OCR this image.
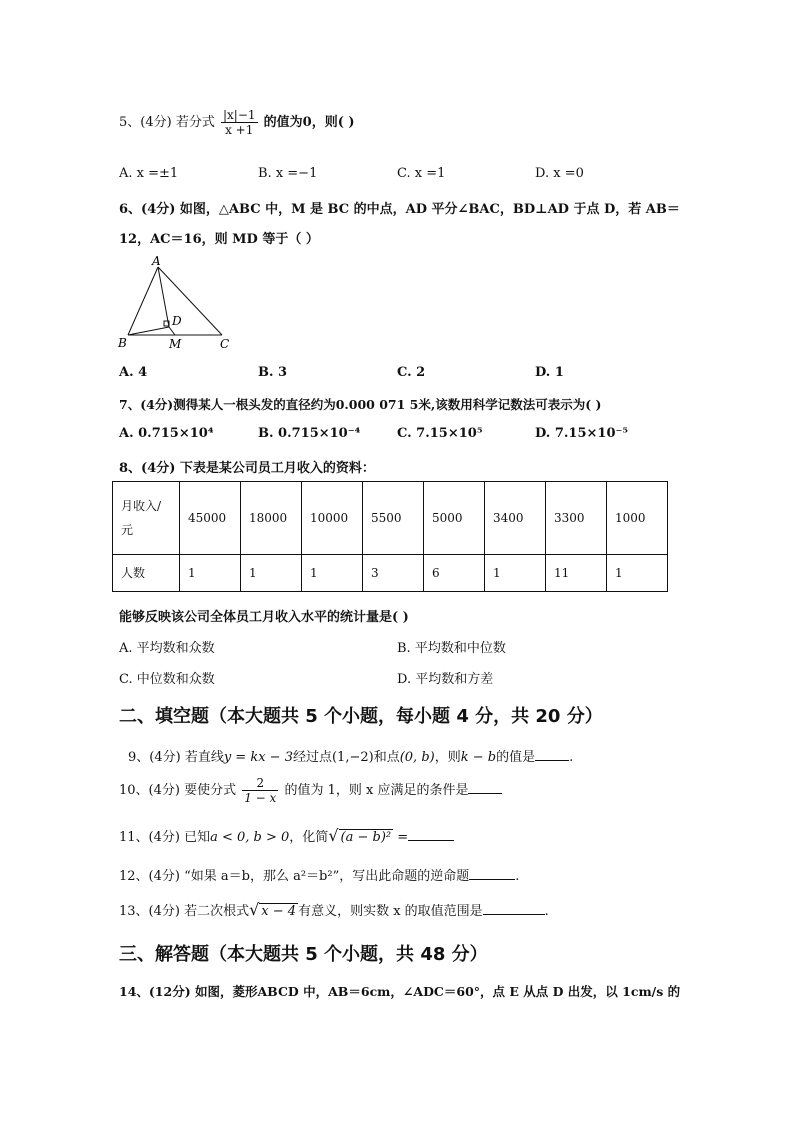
5、(4分) 若分式 $\frac{|x|-1}{x +1}$ 的值为0，则( )
A. x =±1	B. x =−1	C. x =1	D. x =0
6、(4分) 如图，△ABC 中，M 是 BC 的中点，AD 平分∠BAC，BD⊥AD 于点 D，若 AB＝
12，AC＝16，则 MD 等于（ ）
A
B	C
D
M
A. 4	B. 3	C. 2	D. 1
7、(4分)测得某人一根头发的直径约为0.000 071 5米,该数用科学记数法可表示为( )
A. 0.715×10⁴	B. 0.715×10⁻⁴	C. 7.15×10⁵	D. 7.15×10⁻⁵
8、(4分) 下表是某公司员工月收入的资料：
月收入/元	45000	18000	10000	5500	5000	3400	3300	1000
人数	1	1	1	3	6	1	11	1
能够反映该公司全体员工月收入水平的统计量是( )
A. 平均数和众数	B. 平均数和中位数
C. 中位数和众数	D. 平均数和方差
二、填空题（本大题共 5 个小题，每小题 4 分，共 20 分）
9、(4分) 若直线y = kx − 3经过点(1,−2)和点(0, b)，则k − b的值是	.
10、(4分) 要使分式 $\frac{2}{1 - x}$ 的值为 1，则 x 应满足的条件是
11、(4分) 已知a < 0, b > 0，化简√ (a − b)² =
12、(4分) “如果 a＝b，那么 a²＝b²”，写出此命题的逆命题	.
13、(4分) 若二次根式√ x − 4 有意义，则实数 x 的取值范围是	.
三、解答题（本大题共 5 个小题，共 48 分）
14、(12分) 如图，菱形ABCD 中，AB＝6cm，∠ADC＝60°，点 E 从点 D 出发，以 1cm/s 的
